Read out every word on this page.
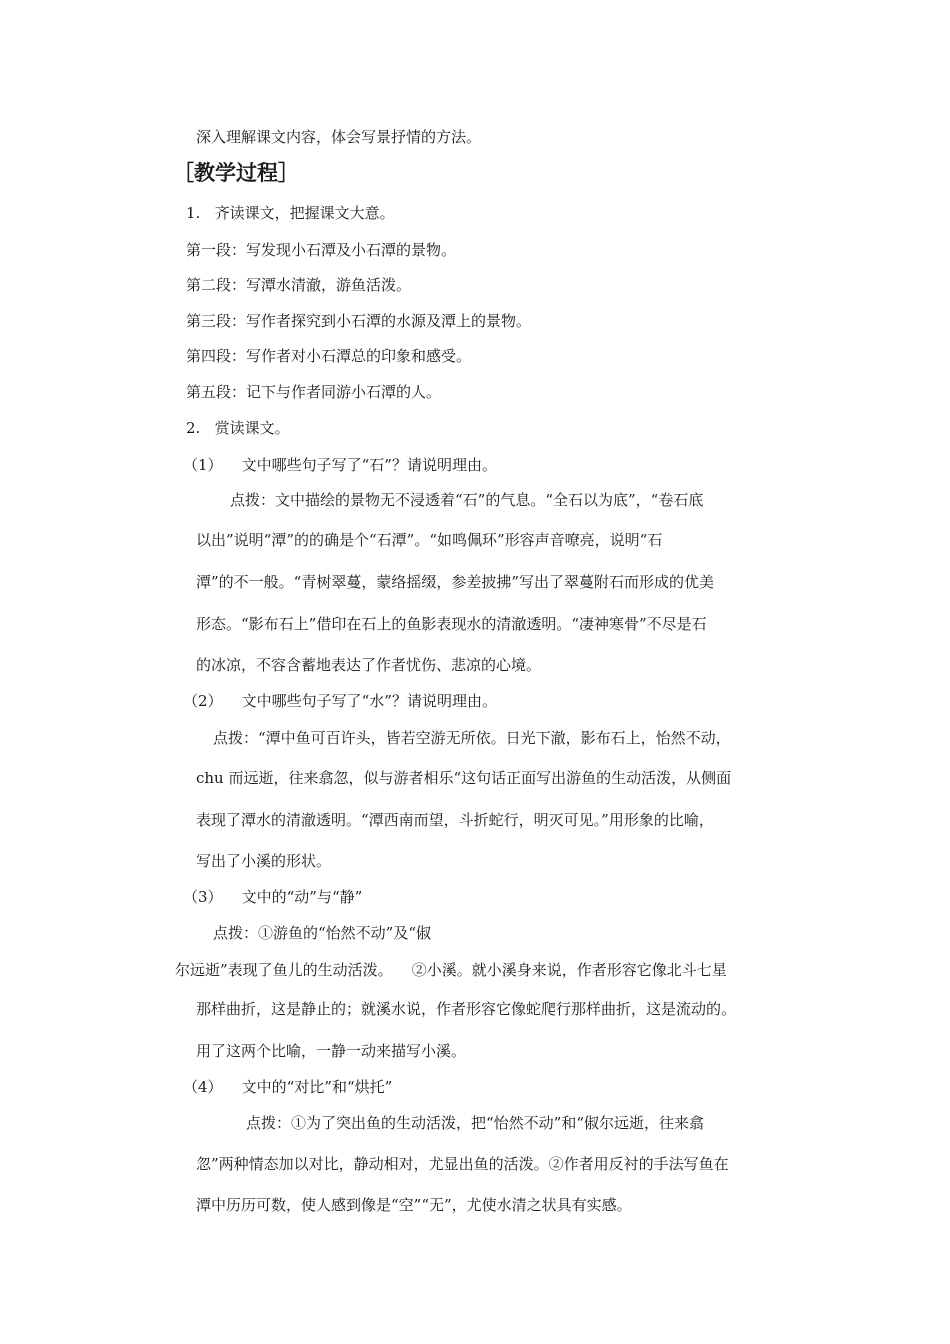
深入理解课文内容，体会写景抒情的方法。
［教学过程］
1.   齐读课文，把握课文大意。
第一段：写发现小石潭及小石潭的景物。
第二段：写潭水清澈，游鱼活泼。
第三段：写作者探究到小石潭的水源及潭上的景物。
第四段：写作者对小石潭总的印象和感受。
第五段：记下与作者同游小石潭的人。
2.   赏读课文。
（1）    文中哪些句子写了“石”？请说明理由。
点拨：文中描绘的景物无不浸透着“石”的气息。“全石以为底”，“卷石底
以出”说明“潭”的的确是个“石潭”。“如鸣佩环”形容声音嘹亮，说明“石
潭”的不一般。“青树翠蔓，蒙络摇缀，参差披拂”写出了翠蔓附石而形成的优美
形态。“影布石上”借印在石上的鱼影表现水的清澈透明。“凄神寒骨”不尽是石
的冰凉，不容含蓄地表达了作者忧伤、悲凉的心境。
（2）    文中哪些句子写了“水”？请说明理由。
点拨：“潭中鱼可百许头，皆若空游无所依。日光下澈，影布石上，怡然不动，
chu 而远逝，往来翕忽，似与游者相乐“这句话正面写出游鱼的生动活泼，从侧面
表现了潭水的清澈透明。“潭西南而望，斗折蛇行，明灭可见。”用形象的比喻，
写出了小溪的形状。
（3）    文中的“动”与“静”
点拨：①游鱼的“怡然不动”及“俶
尔远逝”表现了鱼儿的生动活泼。    ②小溪。就小溪身来说，作者形容它像北斗七星
那样曲折，这是静止的；就溪水说，作者形容它像蛇爬行那样曲折，这是流动的。
用了这两个比喻，一静一动来描写小溪。
（4）    文中的“对比”和“烘托”
点拨：①为了突出鱼的生动活泼，把“怡然不动”和“俶尔远逝，往来翕
忽”两种情态加以对比，静动相对，尤显出鱼的活泼。②作者用反衬的手法写鱼在
潭中历历可数，使人感到像是“空”“无”，尤使水清之状具有实感。
